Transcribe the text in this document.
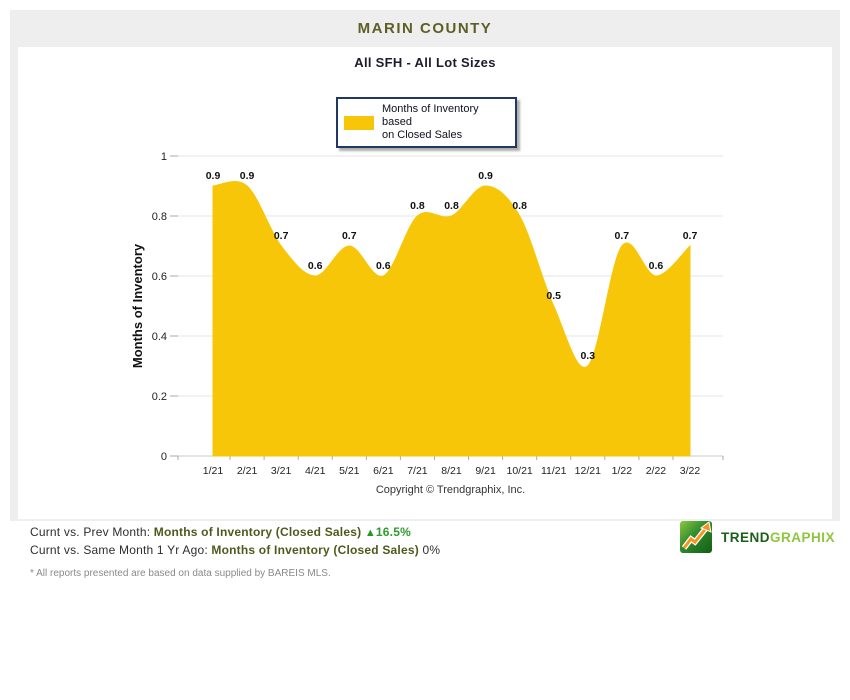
MARIN COUNTY
All SFH - All Lot Sizes
0
0.2
0.4
0.6
0.8
1
0.9 0.9
0.7
0.6
0.7
0.6
0.8 0.8
0.9
0.8
0.5
0.3
0.7
0.6
0.7
1/21 2/21 3/21 4/21 5/21 6/21 7/21 8/21 9/21 10/21 11/21 12/21 1/22 2/22 3/22
Months of Inventory
Copyright © Trendgraphix, Inc.
Months of Inventory based
on Closed Sales
Curnt vs. Prev Month: Months of Inventory (Closed Sales) ▲16.5%
Curnt vs. Same Month 1 Yr Ago: Months of Inventory (Closed Sales) 0%
* All reports presented are based on data supplied by BAREIS MLS.
TRENDGRAPHIX
